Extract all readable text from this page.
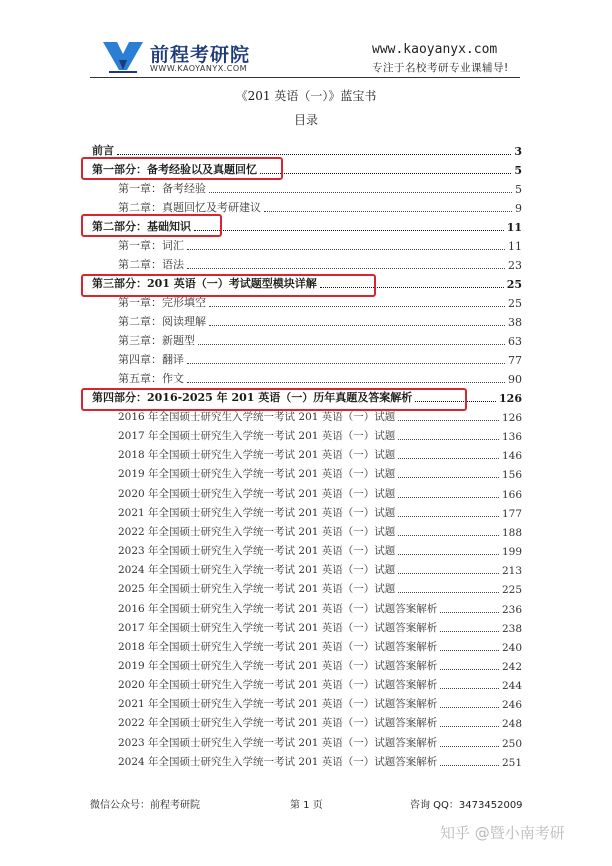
前程考研院
WWW.KAOYANYX.COM
www.kaoyanyx.com
专注于名校考研专业课辅导!
《201 英语（一）》蓝宝书
目录
前言	3
第一部分：备考经验以及真题回忆	5
第一章：备考经验	5
第二章：真题回忆及考研建议	9
第二部分：基础知识	11
第一章：词汇	11
第二章：语法	23
第三部分：201 英语（一）考试题型模块详解	25
第一章：完形填空	25
第二章：阅读理解	38
第三章：新题型	63
第四章：翻译	77
第五章：作文	90
第四部分：2016-2025 年 201 英语（一）历年真题及答案解析	126
2016 年全国硕士研究生入学统一考试 201 英语（一）试题	126
2017 年全国硕士研究生入学统一考试 201 英语（一）试题	136
2018 年全国硕士研究生入学统一考试 201 英语（一）试题	146
2019 年全国硕士研究生入学统一考试 201 英语（一）试题	156
2020 年全国硕士研究生入学统一考试 201 英语（一）试题	166
2021 年全国硕士研究生入学统一考试 201 英语（一）试题	177
2022 年全国硕士研究生入学统一考试 201 英语（一）试题	188
2023 年全国硕士研究生入学统一考试 201 英语（一）试题	199
2024 年全国硕士研究生入学统一考试 201 英语（一）试题	213
2025 年全国硕士研究生入学统一考试 201 英语（一）试题	225
2016 年全国硕士研究生入学统一考试 201 英语（一）试题答案解析	236
2017 年全国硕士研究生入学统一考试 201 英语（一）试题答案解析	238
2018 年全国硕士研究生入学统一考试 201 英语（一）试题答案解析	240
2019 年全国硕士研究生入学统一考试 201 英语（一）试题答案解析	242
2020 年全国硕士研究生入学统一考试 201 英语（一）试题答案解析	244
2021 年全国硕士研究生入学统一考试 201 英语（一）试题答案解析	246
2022 年全国硕士研究生入学统一考试 201 英语（一）试题答案解析	248
2023 年全国硕士研究生入学统一考试 201 英语（一）试题答案解析	250
2024 年全国硕士研究生入学统一考试 201 英语（一）试题答案解析	251
微信公众号：前程考研院	第 1 页	咨询 QQ：3473452009
知乎 @暨小南考研
